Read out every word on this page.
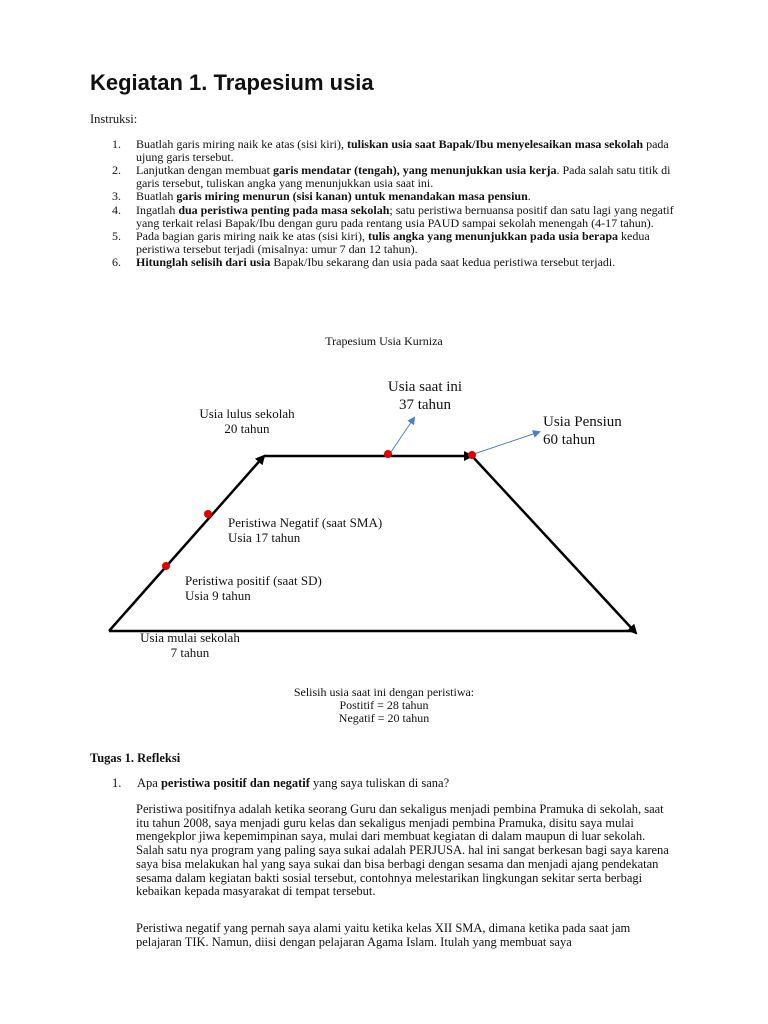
Kegiatan 1. Trapesium usia
Instruksi:
1. Buatlah garis miring naik ke atas (sisi kiri), tuliskan usia saat Bapak/Ibu menyelesaikan masa sekolah pada ujung garis tersebut.
2. Lanjutkan dengan membuat garis mendatar (tengah), yang menunjukkan usia kerja. Pada salah satu titik di garis tersebut, tuliskan angka yang menunjukkan usia saat ini.
3. Buatlah garis miring menurun (sisi kanan) untuk menandakan masa pensiun.
4. Ingatlah dua peristiwa penting pada masa sekolah; satu peristiwa bernuansa positif dan satu lagi yang negatif yang terkait relasi Bapak/Ibu dengan guru pada rentang usia PAUD sampai sekolah menengah (4-17 tahun).
5. Pada bagian garis miring naik ke atas (sisi kiri), tulis angka yang menunjukkan pada usia berapa kedua peristiwa tersebut terjadi (misalnya: umur 7 dan 12 tahun).
6. Hitunglah selisih dari usia Bapak/Ibu sekarang dan usia pada saat kedua peristiwa tersebut terjadi.
Trapesium Usia Kurniza
Usia mulai sekolah
7 tahun
Peristiwa positif (saat SD)
Usia 9 tahun
Peristiwa Negatif (saat SMA)
Usia 17 tahun
Usia lulus sekolah
20 tahun
Usia saat ini
37 tahun
Usia Pensiun
60 tahun
Selisih usia saat ini dengan peristiwa:
Postitif = 28 tahun
Negatif = 20 tahun
Tugas 1. Refleksi
1. Apa peristiwa positif dan negatif yang saya tuliskan di sana?

Peristiwa positifnya adalah ketika seorang Guru dan sekaligus menjadi pembina Pramuka di sekolah, saat itu tahun 2008, saya menjadi guru kelas dan sekaligus menjadi pembina Pramuka, disitu saya mulai mengekplor jiwa kepemimpinan saya, mulai dari membuat kegiatan di dalam maupun di luar sekolah. Salah satu nya program yang paling saya sukai adalah PERJUSA. hal ini sangat berkesan bagi saya karena saya bisa melakukan hal yang saya sukai dan bisa berbagi dengan sesama dan menjadi ajang pendekatan sesama dalam kegiatan bakti sosial tersebut, contohnya melestarikan lingkungan sekitar serta berbagi kebaikan kepada masyarakat di tempat tersebut.

Peristiwa negatif yang pernah saya alami yaitu ketika kelas XII SMA, dimana ketika pada saat jam pelajaran TIK. Namun, diisi dengan pelajaran Agama Islam. Itulah yang membuat saya
